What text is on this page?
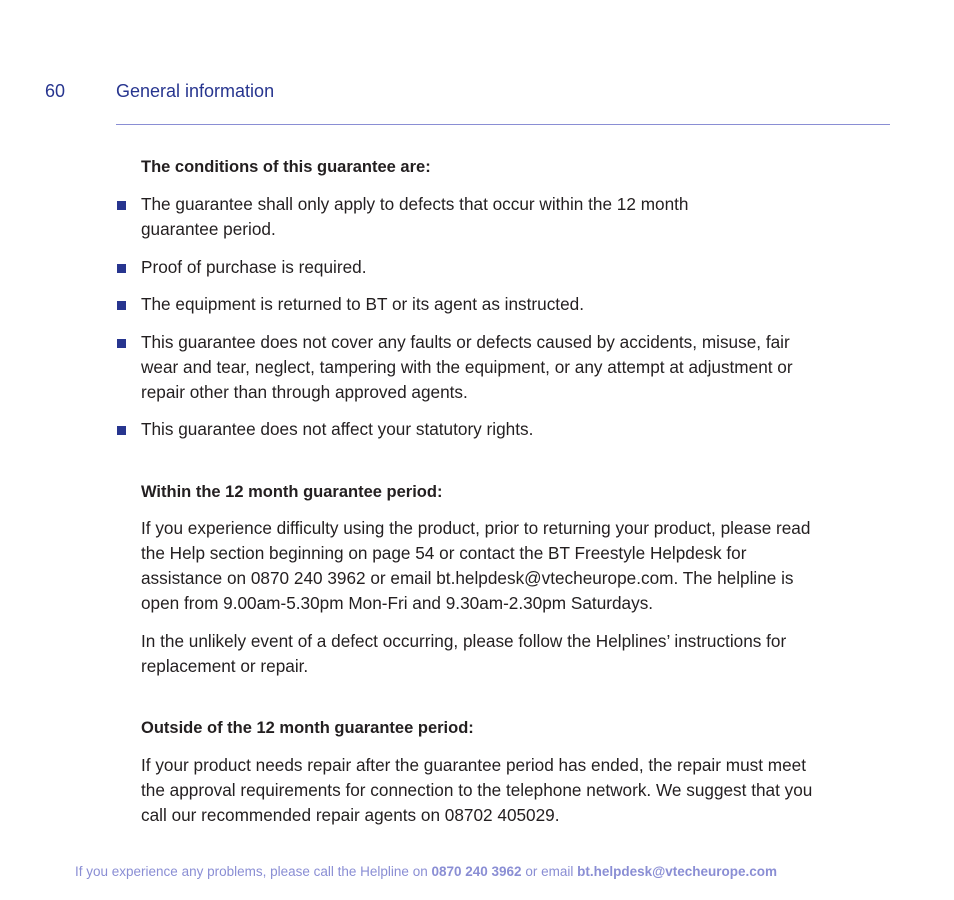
60	General information
The conditions of this guarantee are:
The guarantee shall only apply to defects that occur within the 12 month
guarantee period.
Proof of purchase is required.
The equipment is returned to BT or its agent as instructed.
This guarantee does not cover any faults or defects caused by accidents, misuse, fair
wear and tear, neglect, tampering with the equipment, or any attempt at adjustment or
repair other than through approved agents.
This guarantee does not affect your statutory rights.
Within the 12 month guarantee period:
If you experience difficulty using the product, prior to returning your product, please read
the Help section beginning on page 54 or contact the BT Freestyle Helpdesk for
assistance on 0870 240 3962 or email bt.helpdesk@vtecheurope.com. The helpline is
open from 9.00am-5.30pm Mon-Fri and 9.30am-2.30pm Saturdays.
In the unlikely event of a defect occurring, please follow the Helplines’ instructions for
replacement or repair.
Outside of the 12 month guarantee period:
If your product needs repair after the guarantee period has ended, the repair must meet
the approval requirements for connection to the telephone network. We suggest that you
call our recommended repair agents on 08702 405029.
If you experience any problems, please call the Helpline on 0870 240 3962 or email bt.helpdesk@vtecheurope.com
